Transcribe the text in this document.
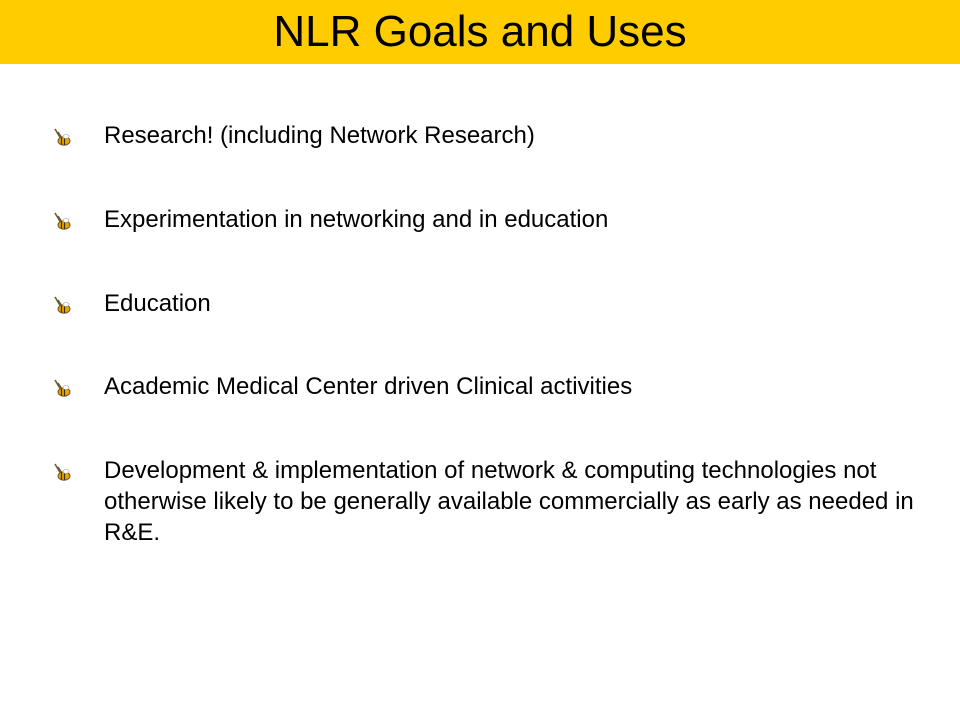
NLR Goals and Uses
Research! (including Network Research)
Experimentation in networking and in education
Education
Academic Medical Center driven Clinical activities
Development & implementation of network & computing technologies not otherwise likely to be generally available commercially as early as needed in R&E.
